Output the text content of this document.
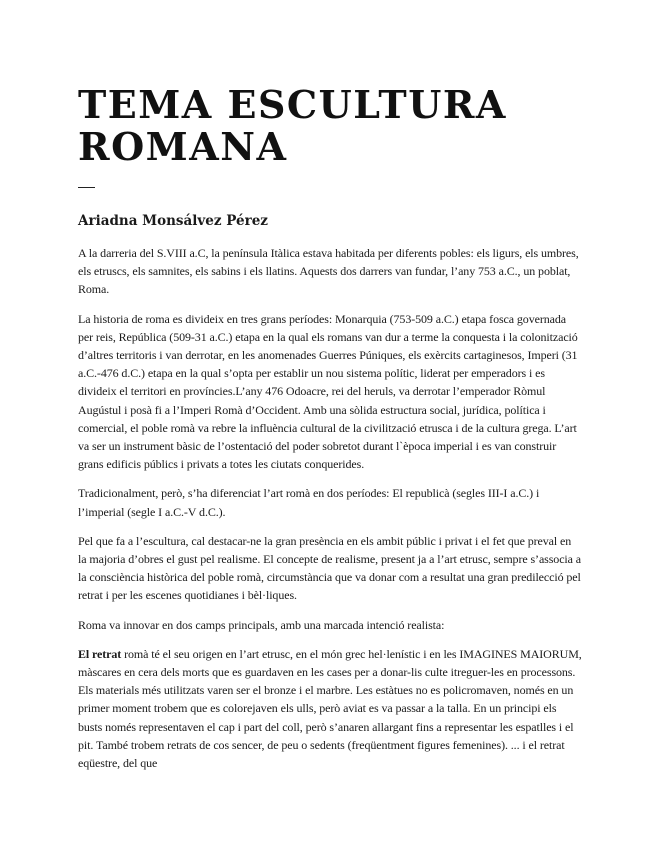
TEMA ESCULTURA
ROMANA

Ariadna Monsálvez Pérez

A la darreria del S.VIII a.C, la península Itàlica estava habitada per diferents pobles: els ligurs, els umbres, els etruscs, els samnites, els sabins i els llatins. Aquests dos darrers van fundar, l’any 753 a.C., un poblat, Roma.

La historia de roma es divideix en tres grans períodes: Monarquia (753-509 a.C.) etapa fosca governada per reis, República (509-31 a.C.) etapa en la qual els romans van dur a terme la conquesta i la colonització d’altres territoris i van derrotar, en les anomenades Guerres Púniques, els exèrcits cartaginesos, Imperi (31 a.C.-476 d.C.) etapa en la qual s’opta per establir un nou sistema polític, liderat per emperadors i es divideix el territori en províncies.L’any 476 Odoacre, rei del heruls, va derrotar l’emperador Ròmul Augústul i posà fi a l’Imperi Romà d’Occident. Amb una sòlida estructura social, jurídica, política i comercial, el poble romà va rebre la influència cultural de la civilització etrusca i de la cultura grega. L’art va ser un instrument bàsic de l’ostentació del poder sobretot durant l`època imperial i es van construir grans edificis públics i privats a totes les ciutats conquerides.

Tradicionalment, però, s’ha diferenciat l’art romà en dos períodes: El republicà (segles III-I a.C.) i l’imperial (segle I a.C.-V d.C.).

Pel que fa a l’escultura, cal destacar-ne la gran presència en els ambit públic i privat i el fet que preval en la majoria d’obres el gust pel realisme. El concepte de realisme, present ja a l’art etrusc, sempre s’associa a la consciència històrica del poble romà, circumstància que va donar com a resultat una gran predilecció pel retrat i per les escenes quotidianes i bèl·liques.

Roma va innovar en dos camps principals, amb una marcada intenció realista:

El retrat romà té el seu origen en l’art etrusc, en el món grec hel·lenístic i en les IMAGINES MAIORUM, màscares en cera dels morts que es guardaven en les cases per a donar-lis culte itreguer-les en processons. Els materials més utilitzats varen ser el bronze i el marbre. Les estàtues no es policromaven, només en un primer moment trobem que es colorejaven els ulls, però aviat es va passar a la talla. En un principi els busts només representaven el cap i part del coll, però s’anaren allargant fins a representar les espatlles i el pit. També trobem retrats de cos sencer, de peu o sedents (freqüentment figures femenines). ... i el retrat eqüestre, del que
